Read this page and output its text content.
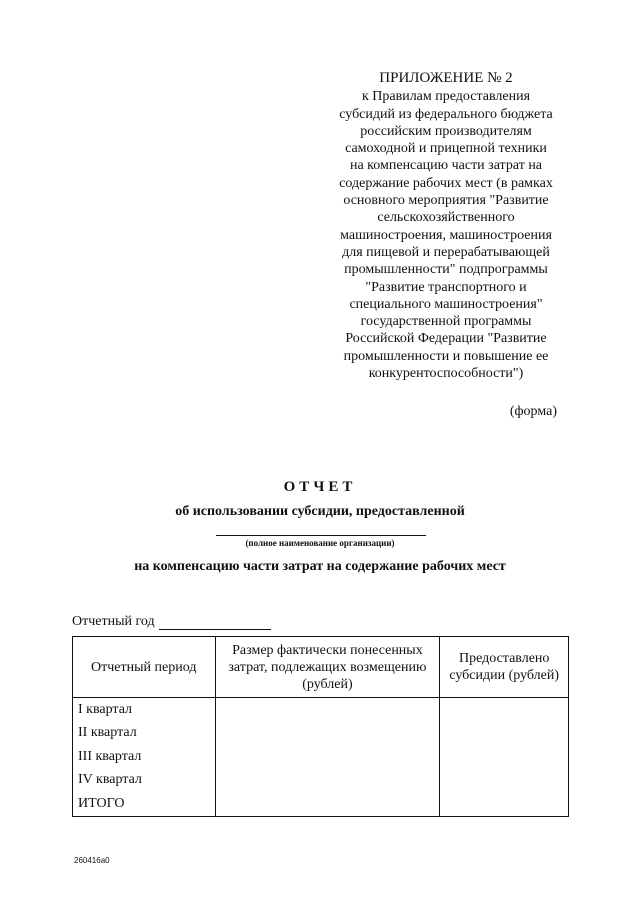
ПРИЛОЖЕНИЕ № 2
к Правилам предоставления
субсидий из федерального бюджета
российским производителям
самоходной и прицепной техники
на компенсацию части затрат на
содержание рабочих мест (в рамках
основного мероприятия "Развитие
сельскохозяйственного
машиностроения, машиностроения
для пищевой и перерабатывающей
промышленности" подпрограммы
"Развитие транспортного и
специального машиностроения"
государственной программы
Российской Федерации "Развитие
промышленности и повышение ее
конкурентоспособности")
(форма)
ОТЧЕТ
об использовании субсидии, предоставленной
(полное наименование организации)
на компенсацию части затрат на содержание рабочих мест
Отчетный год
Отчетный период	Размер фактически понесенных затрат, подлежащих возмещению (рублей)	Предоставлено субсидии (рублей)
I квартал		
II квартал		
III квартал		
IV квартал		
ИТОГО		
260416a0
